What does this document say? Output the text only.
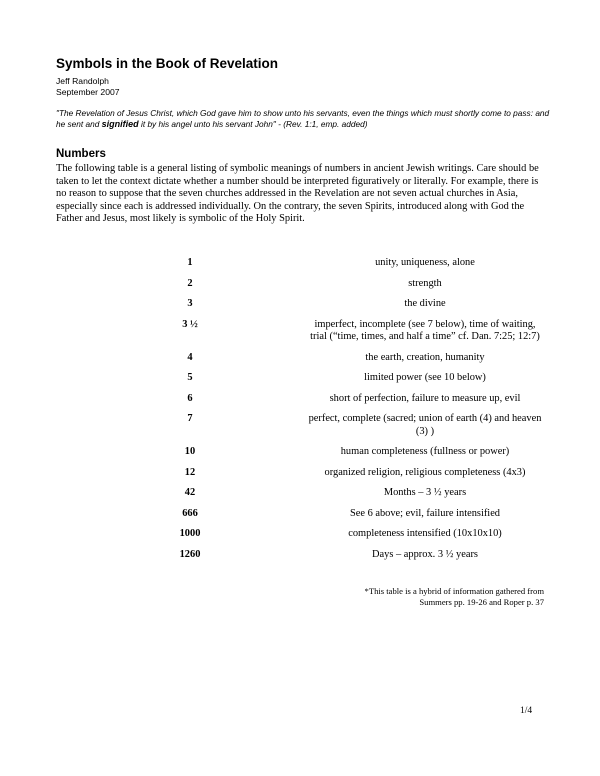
Symbols in the Book of Revelation
Jeff Randolph
September 2007
"The Revelation of Jesus Christ, which God gave him to show unto his servants, even the things which must shortly come to pass: and he sent and signified it by his angel unto his servant John" - (Rev. 1:1, emp. added)
Numbers

The following table is a general listing of symbolic meanings of numbers in ancient Jewish writings. Care should be taken to let the context dictate whether a number should be interpreted figuratively or literally. For example, there is no reason to suppose that the seven churches addressed in the Revelation are not seven actual churches in Asia, especially since each is addressed individually. On the contrary, the seven Spirits, introduced along with God the Father and Jesus, most likely is symbolic of the Holy Spirit.

1	unity, uniqueness, alone
2	strength
3	the divine
3 ½	imperfect, incomplete (see 7 below), time of waiting, trial (“time, times, and half a time” cf. Dan. 7:25; 12:7)
4	the earth, creation, humanity
5	limited power (see 10 below)
6	short of perfection, failure to measure up, evil
7	perfect, complete (sacred; union of earth (4) and heaven (3) )
10	human completeness (fullness or power)
12	organized religion, religious completeness (4x3)
42	Months – 3 ½ years
666	See 6 above; evil, failure intensified
1000	completeness intensified (10x10x10)
1260	Days – approx. 3 ½ years
*This table is a hybrid of information gathered from
Summers pp. 19-26 and Roper p. 37
1/4
